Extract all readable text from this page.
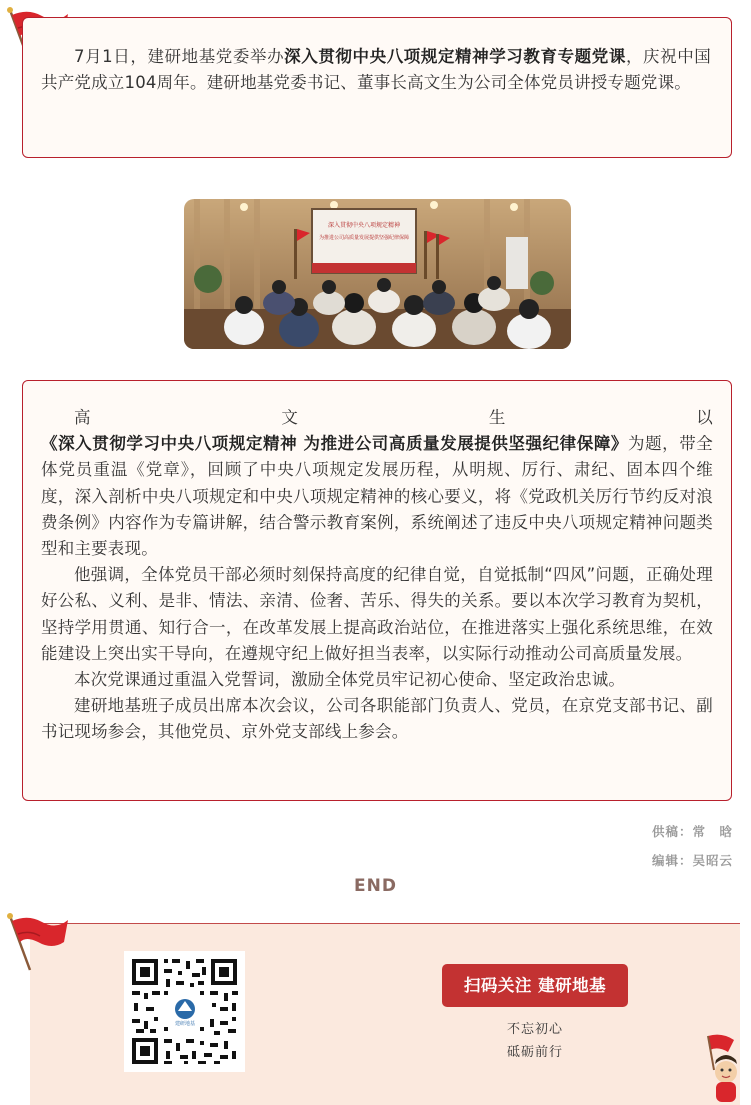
7月1日，建研地基党委举办深入贯彻中央八项规定精神学习教育专题党课，庆祝中国共产党成立104周年。建研地基党委书记、董事长高文生为公司全体党员讲授专题党课。

深入贯彻中央八项规定精神
为推进公司高质量发展提供坚强纪律保障

高文生以《深入贯彻学习中央八项规定精神 为推进公司高质量发展提供坚强纪律保障》为题，带全体党员重温《党章》，回顾了中央八项规定发展历程，从明规、厉行、肃纪、固本四个维度，深入剖析中央八项规定和中央八项规定精神的核心要义，将《党政机关厉行节约反对浪费条例》内容作为专篇讲解，结合警示教育案例，系统阐述了违反中央八项规定精神问题类型和主要表现。

他强调，全体党员干部必须时刻保持高度的纪律自觉，自觉抵制“四风”问题，正确处理好公私、义利、是非、情法、亲清、俭奢、苦乐、得失的关系。要以本次学习教育为契机，坚持学用贯通、知行合一，在改革发展上提高政治站位，在推进落实上强化系统思维，在效能建设上突出实干导向，在遵规守纪上做好担当表率，以实际行动推动公司高质量发展。

本次党课通过重温入党誓词，激励全体党员牢记初心使命、坚定政治忠诚。

建研地基班子成员出席本次会议，公司各职能部门负责人、党员，在京党支部书记、副书记现场参会，其他党员、京外党支部线上参会。

供稿：常　晗
编辑：吴昭云
END
建研地基
扫码关注 建研地基
不忘初心
砥砺前行
